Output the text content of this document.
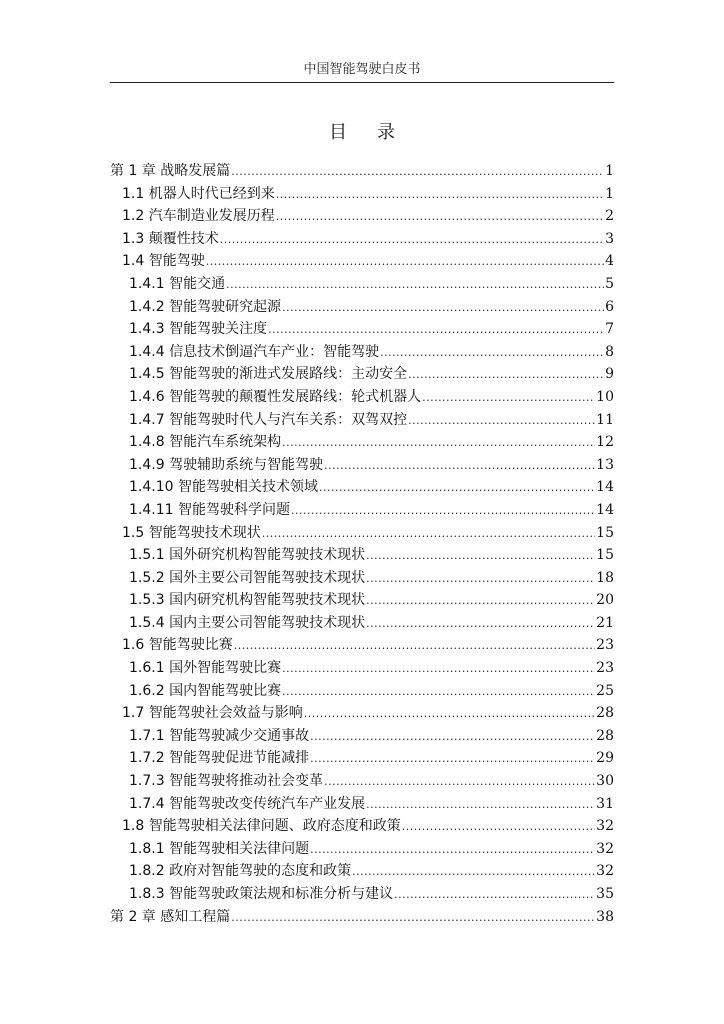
中国智能驾驶白皮书
目录
第 1 章 战略发展篇 .....	1
1.1 机器人时代已经到来 .....	1
1.2 汽车制造业发展历程 .....	2
1.3 颠覆性技术 .....	3
1.4 智能驾驶 .....	4
1.4.1 智能交通 .....	5
1.4.2 智能驾驶研究起源 .....	6
1.4.3 智能驾驶关注度 .....	7
1.4.4 信息技术倒逼汽车产业：智能驾驶 .....	8
1.4.5 智能驾驶的渐进式发展路线：主动安全 .....	9
1.4.6 智能驾驶的颠覆性发展路线：轮式机器人 .....	10
1.4.7 智能驾驶时代人与汽车关系：双驾双控 .....	11
1.4.8 智能汽车系统架构 .....	12
1.4.9 驾驶辅助系统与智能驾驶 .....	13
1.4.10 智能驾驶相关技术领域 .....	14
1.4.11 智能驾驶科学问题 .....	14
1.5 智能驾驶技术现状 .....	15
1.5.1 国外研究机构智能驾驶技术现状 .....	15
1.5.2 国外主要公司智能驾驶技术现状 .....	18
1.5.3 国内研究机构智能驾驶技术现状 .....	20
1.5.4 国内主要公司智能驾驶技术现状 .....	21
1.6 智能驾驶比赛 .....	23
1.6.1 国外智能驾驶比赛 .....	23
1.6.2 国内智能驾驶比赛 .....	25
1.7 智能驾驶社会效益与影响 .....	28
1.7.1 智能驾驶减少交通事故 .....	28
1.7.2 智能驾驶促进节能减排 .....	29
1.7.3 智能驾驶将推动社会变革 .....	30
1.7.4 智能驾驶改变传统汽车产业发展 .....	31
1.8 智能驾驶相关法律问题、政府态度和政策 .....	32
1.8.1 智能驾驶相关法律问题 .....	32
1.8.2 政府对智能驾驶的态度和政策 .....	32
1.8.3 智能驾驶政策法规和标准分析与建议 .....	35
第 2 章 感知工程篇 .....	38
